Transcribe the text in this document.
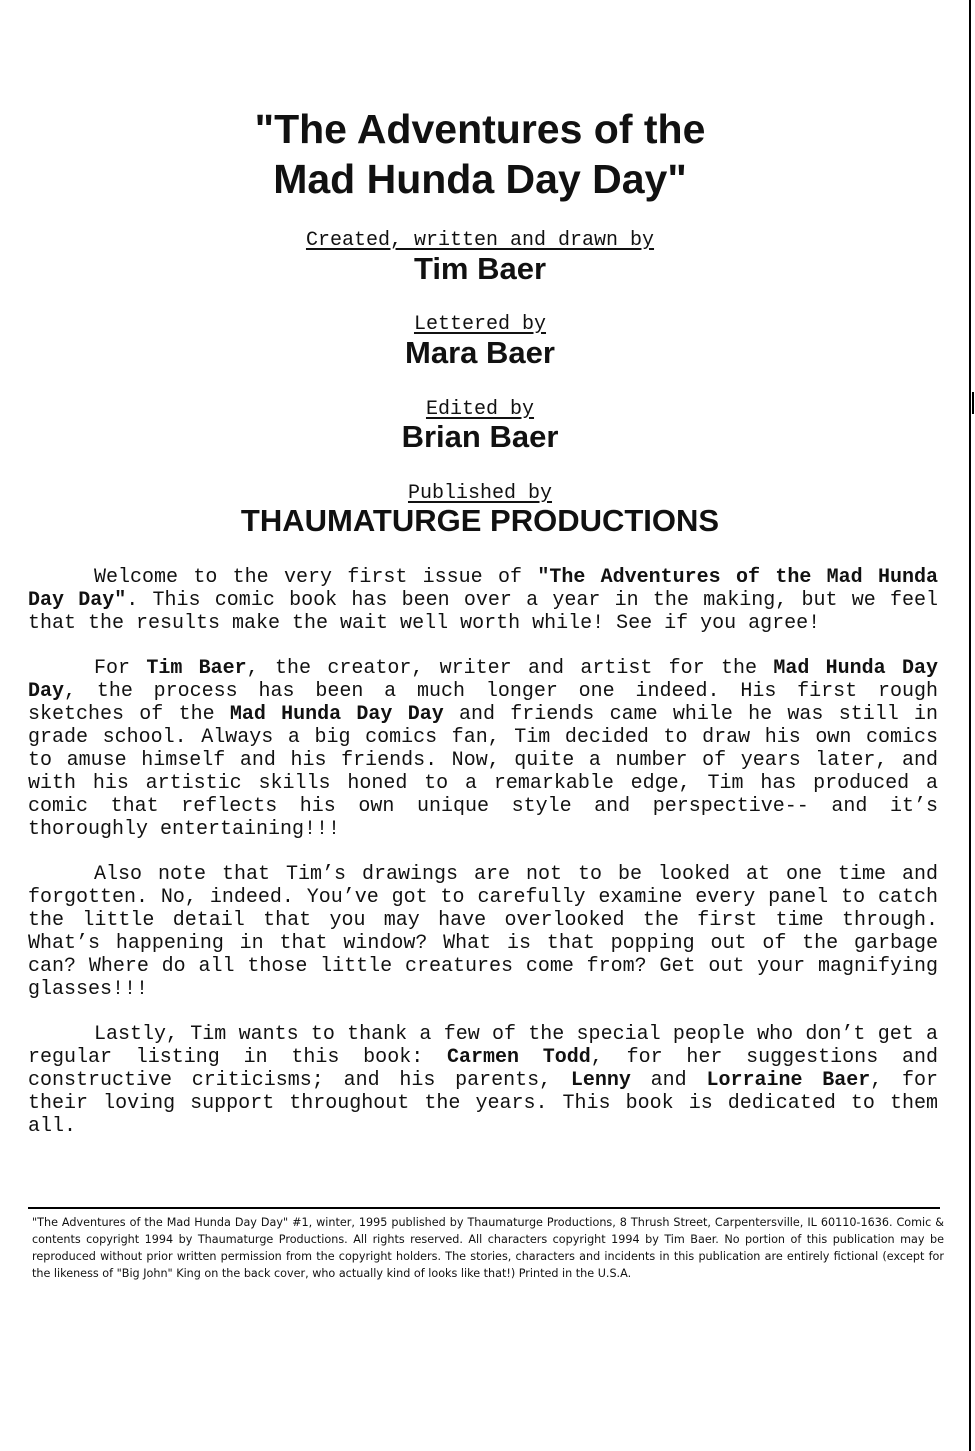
"The Adventures of the
Mad Hunda Day Day"
Created, written and drawn by
Tim Baer
Lettered by
Mara Baer
Edited by
Brian Baer
Published by
THAUMATURGE PRODUCTIONS

Welcome to the very first issue of "The Adventures of the Mad Hunda Day Day". This comic book has been over a year in the making, but we feel that the results make the wait well worth while! See if you agree!

For Tim Baer, the creator, writer and artist for the Mad Hunda Day Day, the process has been a much longer one indeed. His first rough sketches of the Mad Hunda Day Day and friends came while he was still in grade school. Always a big comics fan, Tim decided to draw his own comics to amuse himself and his friends. Now, quite a number of years later, and with his artistic skills honed to a remarkable edge, Tim has produced a comic that reflects his own unique style and perspective-- and it’s thoroughly entertaining!!!

Also note that Tim’s drawings are not to be looked at one time and forgotten. No, indeed. You’ve got to carefully examine every panel to catch the little detail that you may have overlooked the first time through. What’s happening in that window? What is that popping out of the garbage can? Where do all those little creatures come from? Get out your magnifying glasses!!!

Lastly, Tim wants to thank a few of the special people who don’t get a regular listing in this book: Carmen Todd, for her suggestions and constructive criticisms; and his parents, Lenny and Lorraine Baer, for their loving support throughout the years. This book is dedicated to them all.

"The Adventures of the Mad Hunda Day Day" #1, winter, 1995 published by Thaumaturge Productions, 8 Thrush Street, Carpentersville, IL 60110-1636. Comic & contents copyright 1994 by Thaumaturge Productions. All rights reserved. All characters copyright 1994 by Tim Baer. No portion of this publication may be reproduced without prior written permission from the copyright holders. The stories, characters and incidents in this publication are entirely fictional (except for the likeness of "Big John" King on the back cover, who actually kind of looks like that!) Printed in the U.S.A.
